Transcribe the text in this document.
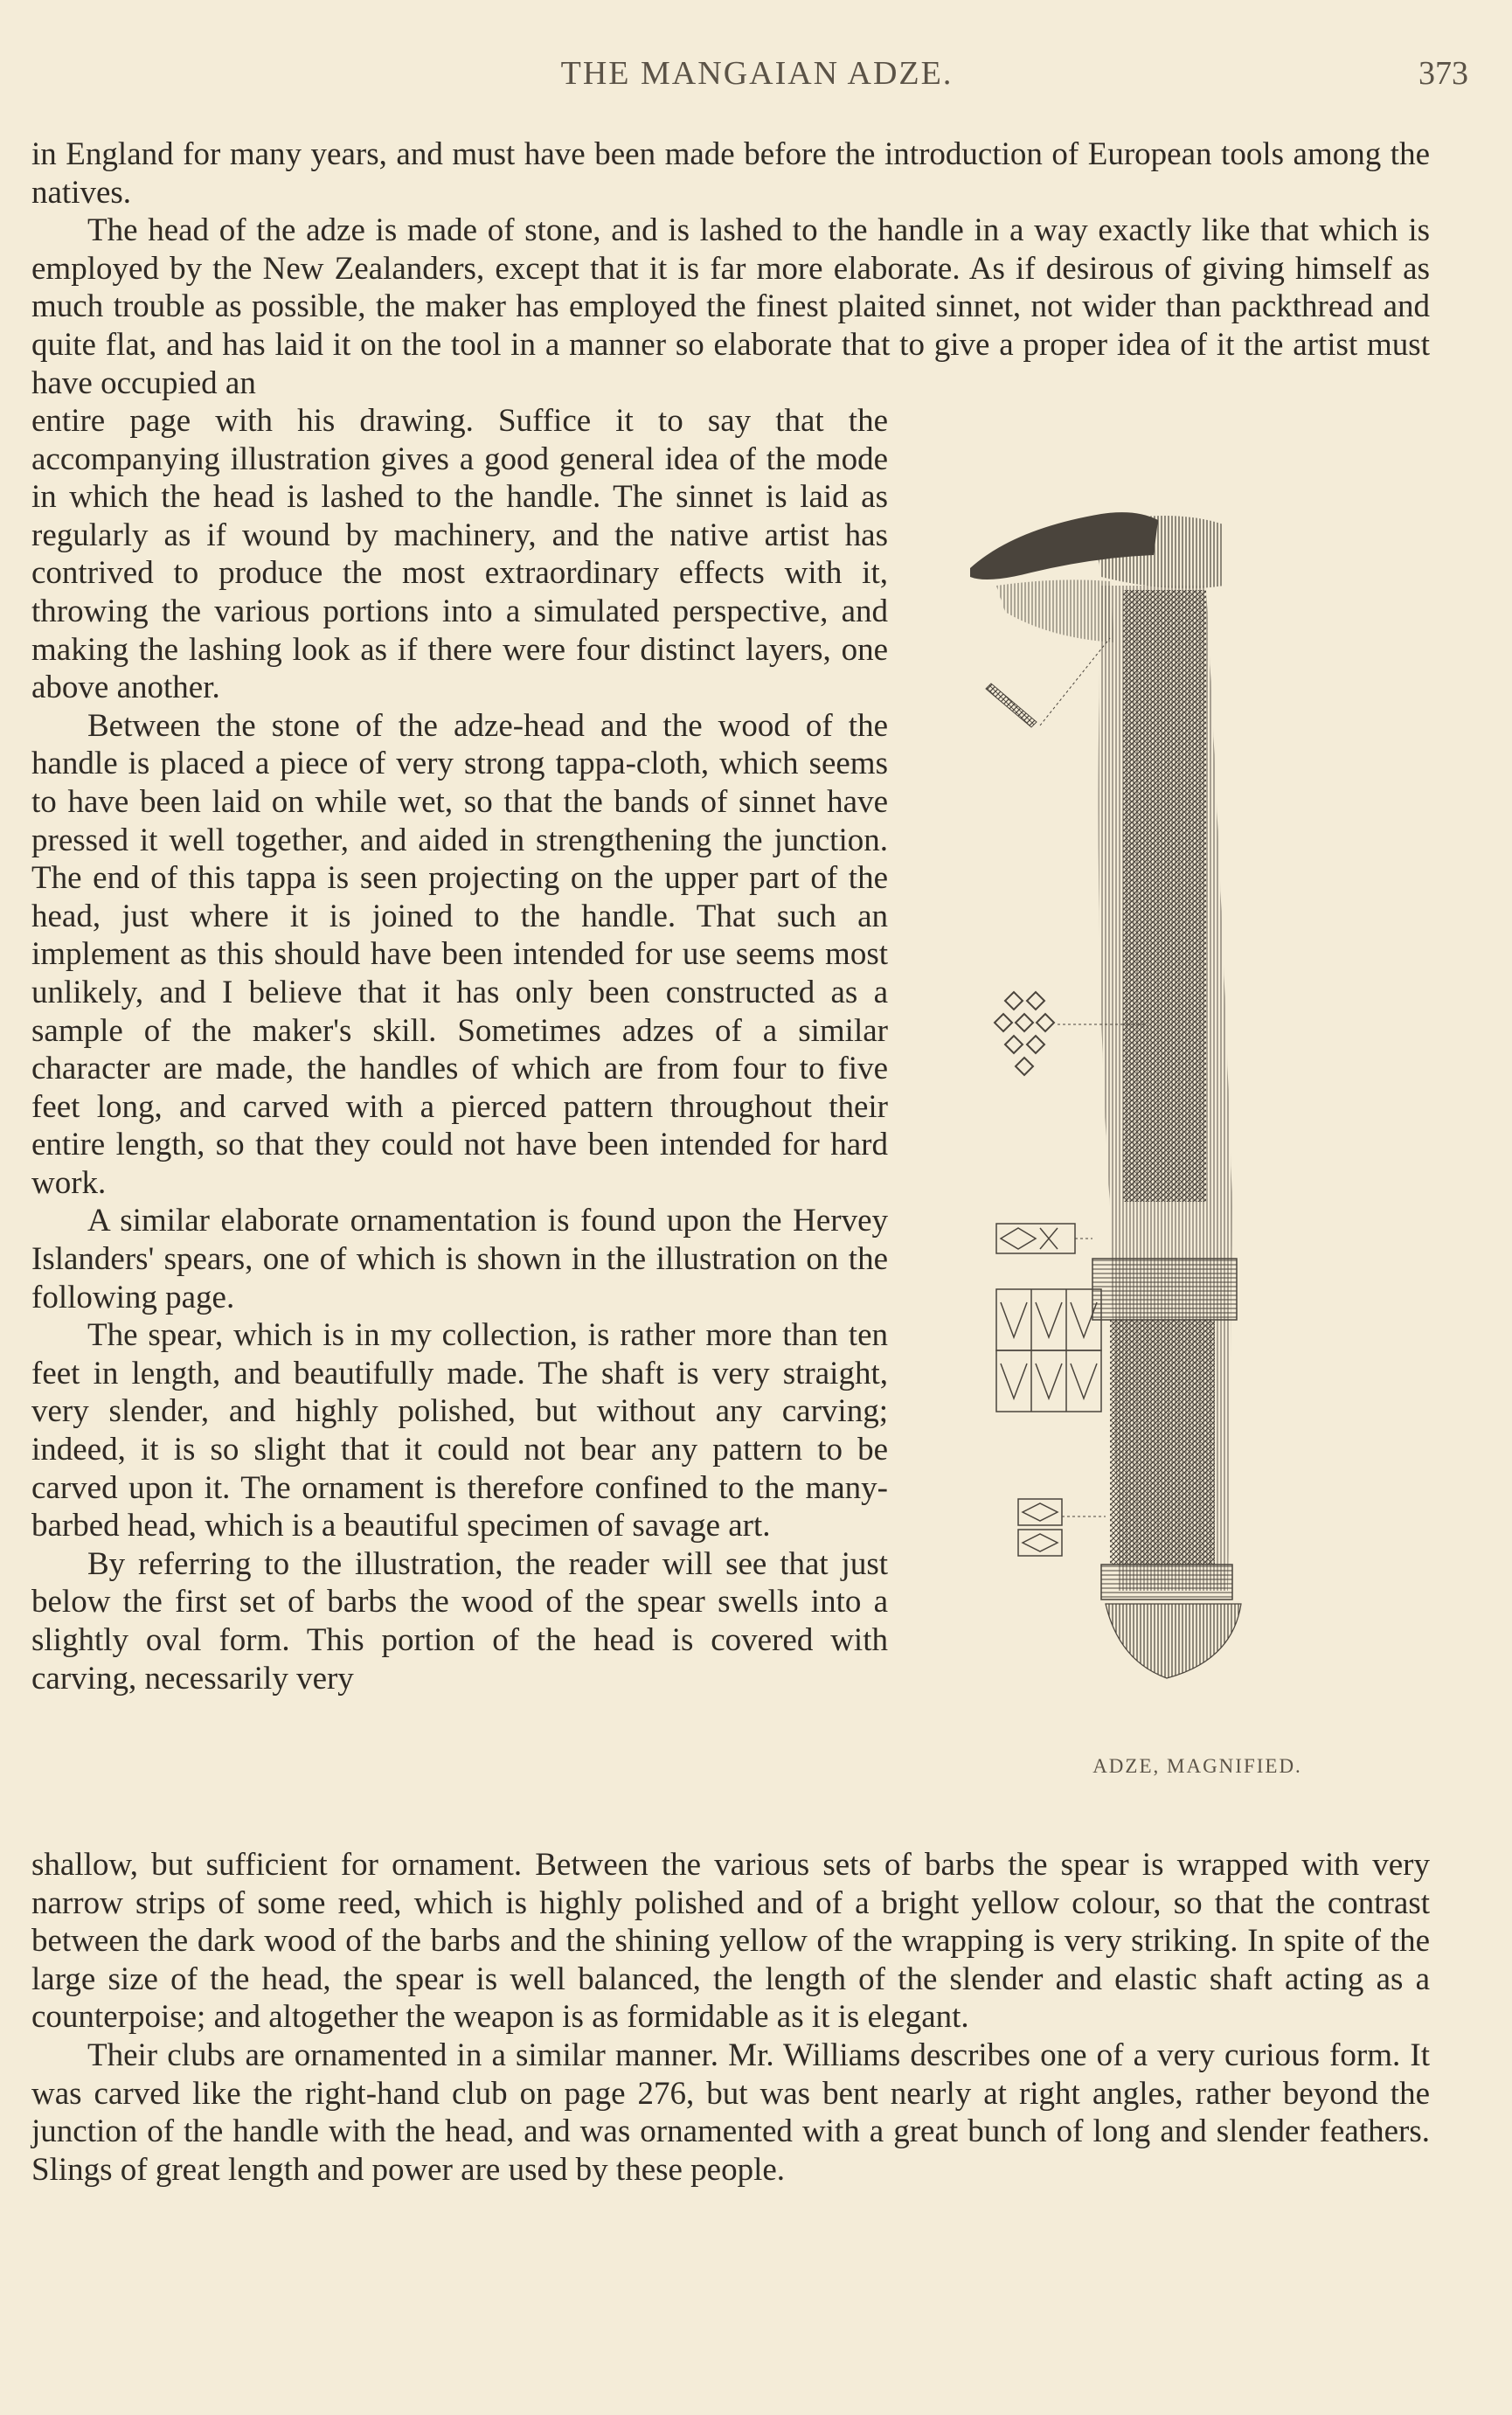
THE MANGAIAN ADZE.	373

in England for many years, and must have been made before the introduction of European tools among the natives.

The head of the adze is made of stone, and is lashed to the handle in a way exactly like that which is employed by the New Zealanders, except that it is far more elaborate. As if desirous of giving himself as much trouble as possible, the maker has employed the finest plaited sinnet, not wider than packthread and quite flat, and has laid it on the tool in a manner so elaborate that to give a proper idea of it the artist must have occupied an

entire page with his drawing. Suffice it to say that the accompanying illustration gives a good general idea of the mode in which the head is lashed to the handle. The sinnet is laid as regularly as if wound by machinery, and the native artist has contrived to produce the most extraordinary effects with it, throwing the various portions into a simulated perspective, and making the lashing look as if there were four distinct layers, one above another.

Between the stone of the adze-head and the wood of the handle is placed a piece of very strong tappa-cloth, which seems to have been laid on while wet, so that the bands of sinnet have pressed it well together, and aided in strengthening the junction. The end of this tappa is seen projecting on the upper part of the head, just where it is joined to the handle. That such an implement as this should have been intended for use seems most unlikely, and I believe that it has only been constructed as a sample of the maker's skill. Sometimes adzes of a similar character are made, the handles of which are from four to five feet long, and carved with a pierced pattern throughout their entire length, so that they could not have been intended for hard work.

A similar elaborate ornamentation is found upon the Hervey Islanders' spears, one of which is shown in the illustration on the following page.

The spear, which is in my collection, is rather more than ten feet in length, and beautifully made. The shaft is very straight, very slender, and highly polished, but without any carving; indeed, it is so slight that it could not bear any pattern to be carved upon it. The ornament is therefore confined to the many-barbed head, which is a beautiful specimen of savage art.

By referring to the illustration, the reader will see that just below the first set of barbs the wood of the spear swells into a slightly oval form. This portion of the head is covered with carving, necessarily very

shallow, but sufficient for ornament. Between the various sets of barbs the spear is wrapped with very narrow strips of some reed, which is highly polished and of a bright yellow colour, so that the contrast between the dark wood of the barbs and the shining yellow of the wrapping is very striking. In spite of the large size of the head, the spear is well balanced, the length of the slender and elastic shaft acting as a counterpoise; and altogether the weapon is as formidable as it is elegant.

Their clubs are ornamented in a similar manner. Mr. Williams describes one of a very curious form. It was carved like the right-hand club on page 276, but was bent nearly at right angles, rather beyond the junction of the handle with the head, and was ornamented with a great bunch of long and slender feathers. Slings of great length and power are used by these people.

ADZE, MAGNIFIED.
